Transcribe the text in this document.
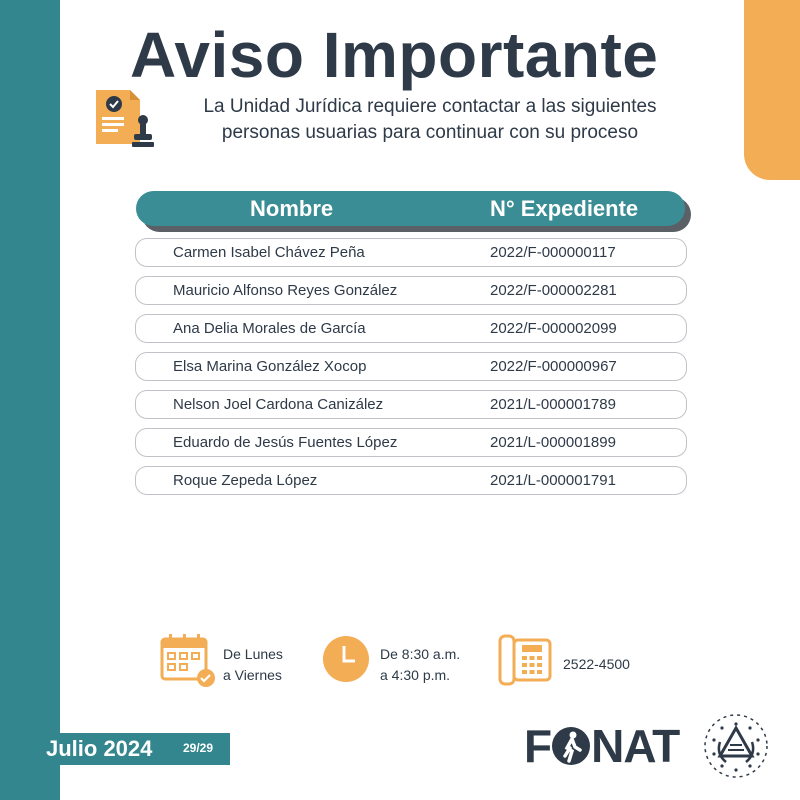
Aviso Importante
La Unidad Jurídica requiere contactar a las siguientes
personas usuarias para continuar con su proceso
Nombre	N° Expediente
Carmen Isabel Chávez Peña	2022/F-000000117
Mauricio Alfonso Reyes González	2022/F-000002281
Ana Delia Morales de García	2022/F-000002099
Elsa Marina González Xocop	2022/F-000000967
Nelson Joel Cardona Canizález	2021/L-000001789
Eduardo de Jesús Fuentes López	2021/L-000001899
Roque Zepeda López	2021/L-000001791
De Lunes
a Viernes
De 8:30 a.m.
a 4:30 p.m.
2522-4500
Julio 2024	29/29	F NAT
